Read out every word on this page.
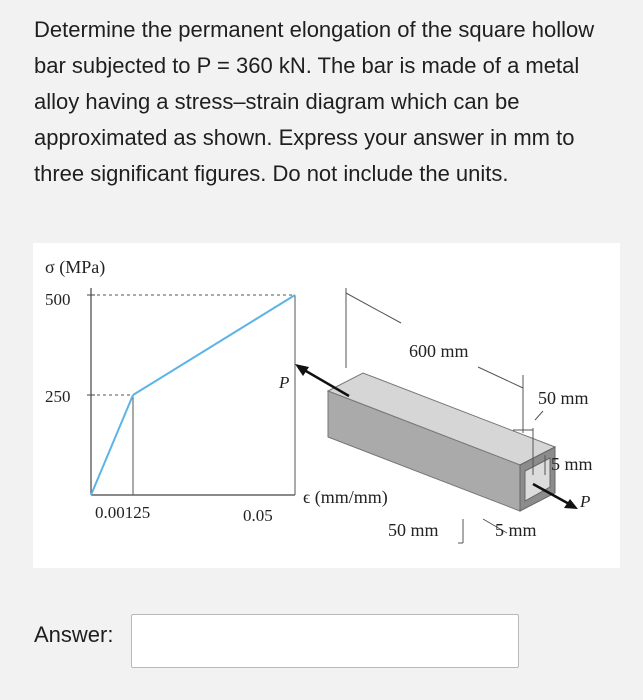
Determine the permanent elongation of the square hollow bar subjected to P = 360 kN. The bar is made of a metal alloy having a stress–strain diagram which can be approximated as shown. Express your answer in mm to three significant figures. Do not include the units.

σ (MPa)
500
250
0.00125	0.05
ϵ (mm/mm)
600 mm
P
P
50 mm
5 mm
50 mm	5 mm
Answer:
